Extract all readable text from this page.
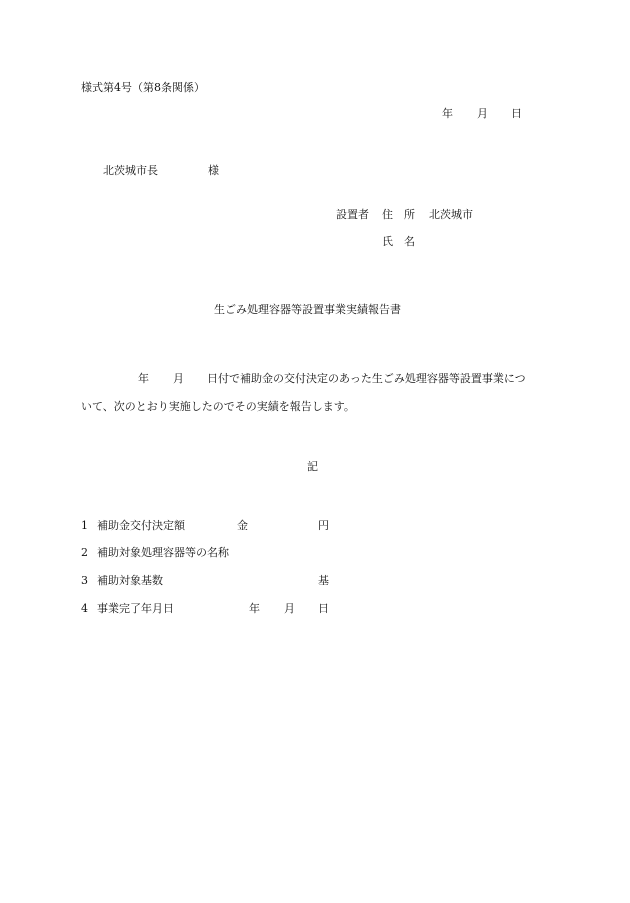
様式第4号（第8条関係）
年 月 日
北茨城市長	様
設置者 住　所 北茨城市
氏　名
生ごみ処理容器等設置事業実績報告書
年 月 日付で補助金の交付決定のあった生ごみ処理容器等設置事業につ
いて、次のとおり実施したのでその実績を報告します。
記
1 補助金交付決定額	金	円
2 補助対象処理容器等の名称
3 補助対象基数	基
4 事業完了年月日	年 月 日
